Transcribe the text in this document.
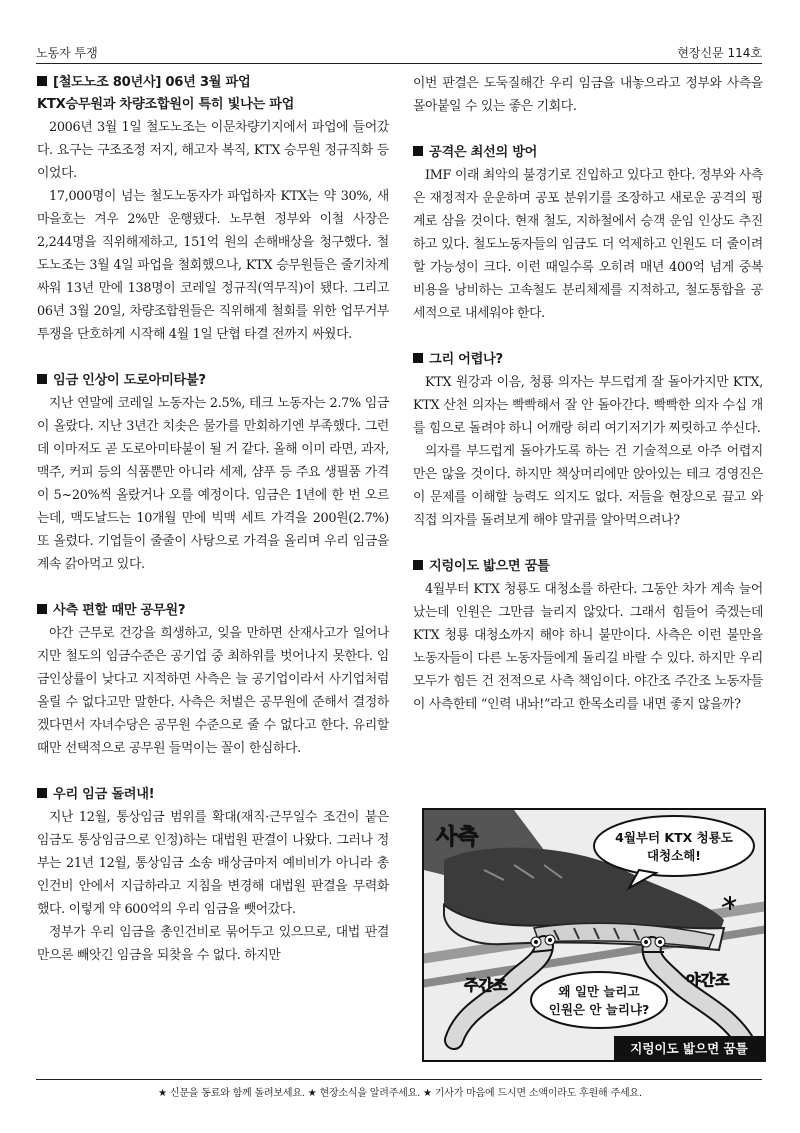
노동자 투쟁	현장신문 114호
[철도노조 80년사] 06년 3월 파업
KTX승무원과 차량조합원이 특히 빛나는 파업

2006년 3월 1일 철도노조는 이문차량기지에서 파업에 들어갔다. 요구는 구조조정 저지, 해고자 복직, KTX 승무원 정규직화 등이었다.

17,000명이 넘는 철도노동자가 파업하자 KTX는 약 30%, 새마을호는 겨우 2%만 운행됐다. 노무현 정부와 이철 사장은 2,244명을 직위해제하고, 151억 원의 손해배상을 청구했다. 철도노조는 3월 4일 파업을 철회했으나, KTX 승무원들은 줄기차게 싸워 13년 만에 138명이 코레일 정규직(역무직)이 됐다. 그리고 06년 3월 20일, 차량조합원들은 직위해제 철회를 위한 업무거부투쟁을 단호하게 시작해 4월 1일 단협 타결 전까지 싸웠다.

임금 인상이 도로아미타불?

지난 연말에 코레일 노동자는 2.5%, 테크 노동자는 2.7% 임금이 올랐다. 지난 3년간 치솟은 물가를 만회하기엔 부족했다. 그런데 이마저도 곧 도로아미타불이 될 거 같다. 올해 이미 라면, 과자, 맥주, 커피 등의 식품뿐만 아니라 세제, 샴푸 등 주요 생필품 가격이 5~20%씩 올랐거나 오를 예정이다. 임금은 1년에 한 번 오르는데, 맥도날드는 10개월 만에 빅맥 세트 가격을 200원(2.7%) 또 올렸다. 기업들이 줄줄이 사탕으로 가격을 올리며 우리 임금을 계속 갉아먹고 있다.

사측 편할 때만 공무원?

야간 근무로 건강을 희생하고, 잊을 만하면 산재사고가 일어나지만 철도의 임금수준은 공기업 중 최하위를 벗어나지 못한다. 임금인상률이 낮다고 지적하면 사측은 늘 공기업이라서 사기업처럼 올릴 수 없다고만 말한다. 사측은 처벌은 공무원에 준해서 결정하겠다면서 자녀수당은 공무원 수준으로 줄 수 없다고 한다. 유리할 때만 선택적으로 공무원 들먹이는 꼴이 한심하다.

우리 임금 돌려내!

지난 12월, 통상임금 범위를 확대(재직·근무일수 조건이 붙은 임금도 통상임금으로 인정)하는 대법원 판결이 나왔다. 그러나 정부는 21년 12월, 통상임금 소송 배상금마저 예비비가 아니라 총인건비 안에서 지급하라고 지침을 변경해 대법원 판결을 무력화했다. 이렇게 약 600억의 우리 임금을 뺏어갔다.

정부가 우리 임금을 총인건비로 묶어두고 있으므로, 대법 판결만으론 빼앗긴 임금을 되찾을 수 없다. 하지만

이번 판결은 도둑질해간 우리 임금을 내놓으라고 정부와 사측을 몰아붙일 수 있는 좋은 기회다.

공격은 최선의 방어

IMF 이래 최악의 불경기로 진입하고 있다고 한다. 정부와 사측은 재정적자 운운하며 공포 분위기를 조장하고 새로운 공격의 핑계로 삼을 것이다. 현재 철도, 지하철에서 승객 운임 인상도 추진하고 있다. 철도노동자들의 임금도 더 억제하고 인원도 더 줄이려 할 가능성이 크다. 이런 때일수록 오히려 매년 400억 넘게 중복 비용을 낭비하는 고속철도 분리체제를 지적하고, 철도통합을 공세적으로 내세워야 한다.

그리 어렵나?

KTX 원강과 이음, 청룡 의자는 부드럽게 잘 돌아가지만 KTX, KTX 산천 의자는 빡빡해서 잘 안 돌아간다. 빡빡한 의자 수십 개를 힘으로 돌려야 하니 어깨랑 허리 여기저기가 찌릿하고 쑤신다.

의자를 부드럽게 돌아가도록 하는 건 기술적으로 아주 어렵지만은 않을 것이다. 하지만 책상머리에만 앉아있는 테크 경영진은 이 문제를 이해할 능력도 의지도 없다. 저들을 현장으로 끌고 와 직접 의자를 돌려보게 해야 말귀를 알아먹으려나?

지렁이도 밟으면 꿈틀

4월부터 KTX 청룡도 대청소를 하란다. 그동안 차가 계속 늘어났는데 인원은 그만큼 늘리지 않았다. 그래서 힘들어 죽겠는데 KTX 청룡 대청소까지 해야 하니 불만이다. 사측은 이런 불만을 노동자들이 다른 노동자들에게 돌리길 바랄 수 있다. 하지만 우리 모두가 힘든 건 전적으로 사측 책임이다. 야간조 주간조 노동자들이 사측한테 “인력 내놔!”라고 한목소리를 내면 좋지 않을까?

사측	4월부터 KTX 청룡도
대청소해!
주간조	야간조
왜 일만 늘리고
인원은 안 늘리냐?
지렁이도 밟으면 꿈틀
★ 신문을 동료와 함께 돌려보세요. ★ 현장소식을 알려주세요. ★ 기사가 마음에 드시면 소액이라도 후원해 주세요.
